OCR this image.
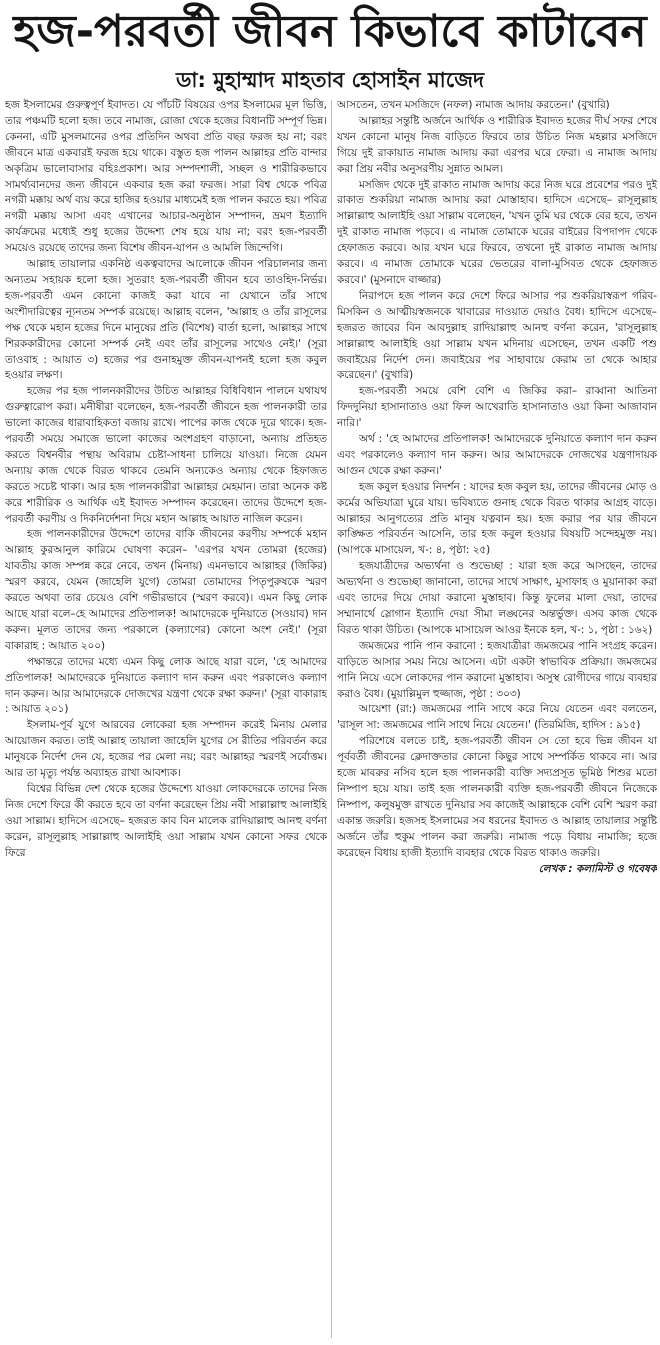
হজ-পরবর্তী জীবন কিভাবে কাটাবেন
ডা: মুহাম্মাদ মাহতাব হোসাইন মাজেদ

হজ ইসলামের গুরুত্বপূর্ণ ইবাদত। যে পাঁচটি বিষয়ের ওপর ইসলামের মূল ভিত্তি, তার পঞ্চমটি হলো হজ। তবে নামাজ, রোজা থেকে হজের বিধানটি সম্পূর্ণ ভিন্ন। কেননা, এটি মুসলমানের ওপর প্রতিদিন অথবা প্রতি বছর ফরজ হয় না; বরং জীবনে মাত্র একবারই ফরজ হয়ে থাকে। বস্তুত হজ পালন আল্লাহর প্রতি বান্দার অকৃত্রিম ভালোবাসার বহিঃপ্রকাশ। আর সম্পদশালী, সচ্ছল ও শারীরিকভাবে সামর্থ্যবানদের জন্য জীবনে একবার হজ করা ফরজ। সারা বিশ্ব থেকে পবিত্র নগরী মক্কায় অর্থ ব্যয় করে হাজির হওয়ার মাধ্যমেই হজ পালন করতে হয়। পবিত্র নগরী মক্কায় আসা এবং এখানের আচার-অনুষ্ঠান সম্পাদন, ভ্রমণ ইত্যাদি কার্যক্রমের মধ্যেই শুধু হজের উদ্দেশ্য শেষ হয়ে যায় না; বরং হজ-পরবর্তী সময়েও রয়েছে তাদের জন্য বিশেষ জীবন-যাপন ও আমলি জিন্দেগি।

আল্লাহ তায়ালার একনিষ্ঠ একত্ববাদের আলোকে জীবন পরিচালনার জন্য অন্যতম সহায়ক হলো হজ। সুতরাং হজ-পরবর্তী জীবন হবে তাওহিদ-নির্ভর। হজ-পরবর্তী এমন কোনো কাজই করা যাবে না যেখানে তাঁর সাথে অংশীদারিত্বের ন্যূনতম সম্পর্ক রয়েছে। আল্লাহ বলেন, 'আল্লাহ ও তাঁর রাসূলের পক্ষ থেকে মহান হজের দিনে মানুষের প্রতি (বিশেষ) বার্তা হলো, আল্লাহর সাথে শিরককারীদের কোনো সম্পর্ক নেই এবং তাঁর রাসূলের সাথেও নেই।' (সূরা তাওবাহ : আয়াত ৩) হজের পর গুনাহমুক্ত জীবন-যাপনই হলো হজ কবুল হওয়ার লক্ষণ।

হজের পর হজ পালনকারীদের উচিত আল্লাহর বিধিবিধান পালনে যথাযথ গুরুত্বারোপ করা। মনীষীরা বলেছেন, হজ-পরবর্তী জীবনে হজ পালনকারী তার ভালো কাজের ধারাবাহিকতা বজায় রাখে। পাপের কাজ থেকে দূরে থাকে। হজ-পরবর্তী সময়ে সমাজে ভালো কাজের অংশগ্রহণ বাড়ানো, অন্যায় প্রতিহত করতে বিশ্বনবীর পন্থায় অবিরাম চেষ্টা-সাধনা চালিয়ে যাওয়া। নিজে যেমন অন্যায় কাজ থেকে বিরত থাকবে তেমনি অন্যকেও অন্যায় থেকে হিফাজত করতে সচেষ্ট থাকা। আর হজ পালনকারীরা আল্লাহর মেহমান। তারা অনেক কষ্ট করে শারীরিক ও আর্থিক এই ইবাদত সম্পাদন করেছেন। তাদের উদ্দেশে হজ-পরবর্তী করণীয় ও দিকনির্দেশনা দিয়ে মহান আল্লাহ আয়াত নাজিল করেন।

হজ পালনকারীদের উদ্দেশে তাদের বাকি জীবনের করণীয় সম্পর্কে মহান আল্লাহ কুরআনুল কারিমে ঘোষণা করেন– 'এরপর যখন তোমরা (হজের) যাবতীয় কাজ সম্পন্ন করে নেবে, তখন (মিনায়) এমনভাবে আল্লাহর (জিকির) স্মরণ করবে, যেমন (জাহেলি যুগে) তোমরা তোমাদের পিতৃপুরুষকে স্মরণ করতে অথবা তার চেয়েও বেশি গভীরভাবে (স্মরণ করবে)। এমন কিছু লোক আছে যারা বলে–হে আমাদের প্রতিপালক! আমাদেরকে দুনিয়াতে (সওয়াব) দান করুন। মূলত তাদের জন্য পরকালে (কল্যাণের) কোনো অংশ নেই।' (সূরা বাকারাহ : আয়াত ২০০)

পক্ষান্তরে তাদের মধ্যে এমন কিছু লোক আছে যারা বলে, 'হে আমাদের প্রতিপালক! আমাদেরকে দুনিয়াতে কল্যাণ দান করুন এবং পরকালেও কল্যাণ দান করুন। আর আমাদেরকে দোজখের যন্ত্রণা থেকে রক্ষা করুন।' (সূরা বাকারাহ : আয়াত ২০১)

ইসলাম-পূর্ব যুগে আরবের লোকেরা হজ সম্পাদন করেই মিনায় মেলার আয়োজন করত। তাই আল্লাহ তায়ালা জাহেলি যুগের সে রীতির পরিবর্তন করে মানুষকে নির্দেশ দেন যে, হজের পর মেলা নয়; বরং আল্লাহর স্মরণই সর্বোত্তম। আর তা মৃত্যু পর্যন্ত অব্যাহত রাখা আবশ্যক।

বিশ্বের বিভিন্ন দেশ থেকে হজের উদ্দেশ্যে যাওয়া লোকদেরকে তাদের নিজ নিজ দেশে ফিরে কী করতে হবে তা বর্ণনা করেছেন প্রিয় নবী সাল্লাল্লাহু আলাইহি ওয়া সাল্লাম। হাদিসে এসেছে– হজরত কাব বিন মালেক রাদিয়াল্লাহু আনহু বর্ণনা করেন, রাসূলুল্লাহ সাল্লাল্লাহু আলাইহি ওয়া সাল্লাম যখন কোনো সফর থেকে ফিরে

আসতেন, তখন মসজিদে (নফল) নামাজ আদায় করতেন।' (বুখারি)

আল্লাহর সন্তুষ্টি অর্জনে আর্থিক ও শারীরিক ইবাদত হজের দীর্ঘ সফর শেষে যখন কোনো মানুষ নিজ বাড়িতে ফিরবে তার উচিত নিজ মহল্লার মসজিদে গিয়ে দুই রাকায়াত নামাজ আদায় করা এরপর ঘরে ফেরা। এ নামাজ আদায় করা প্রিয় নবীর অনুসরণীয় সুন্নাত আমল।

মসজিদ থেকে দুই রাকাত নামাজ আদায় করে নিজ ঘরে প্রবেশের পরও দুই রাকাত শুকরিয়া নামাজ আদায় করা মোস্তাহাব। হাদিসে এসেছে– রাসূলুল্লাহ সাল্লাল্লাহু আলাইহি ওয়া সাল্লাম বলেছেন, 'যখন তুমি ঘর থেকে বের হবে, তখন দুই রাকাত নামাজ পড়বে। এ নামাজ তোমাকে ঘরের বাইরের বিপদাপদ থেকে হেফাজত করবে। আর যখন ঘরে ফিরবে, তখনো দুই রাকাত নামাজ আদায় করবে। এ নামাজ তোমাকে ঘরের ভেতরের বালা-মুসিবত থেকে হেফাজত করবে।' (মুসনাদে বাজ্জার)

নিরাপদে হজ পালন করে দেশে ফিরে আসার পর শুকরিয়াস্বরূপ গরিব-মিসকিন ও আত্মীয়স্বজনকে খাবারের দাওয়াত দেয়াও বৈধ। হাদিসে এসেছে– হজরত জাবের বিন আবদুল্লাহ রাদিয়াল্লাহু আনহু বর্ণনা করেন, 'রাসূলুল্লাহ সাল্লাল্লাহু আলাইহি ওয়া সাল্লাম যখন মদিনায় এসেছেন, তখন একটি পশু জবাইয়ের নির্দেশ দেন। জবাইয়ের পর সাহাবায়ে কেরাম তা থেকে আহার করেছেন।' (বুখারি)

হজ-পরবর্তী সময়ে বেশি বেশি এ জিকির করা– রাব্বানা আতিনা ফিদদুনিয়া হাসানাতাও ওয়া ফিল আখেরাতি হাসানাতাও ওয়া কিনা আজাবান নারি।'

অর্থ : 'হে আমাদের প্রতিপালক! আমাদেরকে দুনিয়াতে কল্যাণ দান করুন এবং পরকালেও কল্যাণ দান করুন। আর আমাদেরকে দোজখের যন্ত্রণাদায়ক আগুন থেকে রক্ষা করুন।'

হজ কবুল হওয়ার নিদর্শন : যাদের হজ কবুল হয়, তাদের জীবনের মোড় ও কর্মের অভিযাত্রা ঘুরে যায়। ভবিষ্যতে গুনাহ থেকে বিরত থাকার আগ্রহ বাড়ে। আল্লাহর আনুগত্যের প্রতি মানুষ যত্নবান হয়। হজ করার পর যার জীবনে কাঙ্ক্ষিত পরিবর্তন আসেনি, তার হজ কবুল হওয়ার বিষয়টি সন্দেহমুক্ত নয়। (আপকে মাসায়েল, খ-: ৪, পৃষ্ঠা: ২৫)

হজযাত্রীদের অভ্যর্থনা ও শুভেচ্ছা : যারা হজ করে আসছেন, তাদের অভ্যর্থনা ও শুভেচ্ছা জানানো, তাদের সাথে সাক্ষাৎ, মুসাফাহ ও মুয়ানাকা করা এবং তাদের দিয়ে দোয়া করানো মুস্তাহাব। কিন্তু ফুলের মালা দেয়া, তাদের সম্মানার্থে স্লোগান ইত্যাদি দেয়া সীমা লঙ্ঘনের অন্তর্ভুক্ত। এসব কাজ থেকে বিরত থাকা উচিত। (আপকে মাসায়েল আওর ইনকে হল, খ-: ১, পৃষ্ঠা : ১৬২)

জমজমের পানি পান করানো : হজযাত্রীরা জমজমের পানি সংগ্রহ করেন। বাড়িতে আসার সময় নিয়ে আসেন। এটা একটা স্বাভাবিক প্রক্রিয়া। জমজমের পানি নিয়ে এসে লোকদের পান করানো মুস্তাহাব। অসুস্থ রোগীদের গায়ে ব্যবহার করাও বৈধ। (মুয়াল্লিমুল হুজ্জাজ, পৃষ্ঠা : ৩০৩)

আয়েশা (রা:) জমজমের পানি সাথে করে নিয়ে যেতেন এবং বলতেন, 'রাসূল সা: জমজমের পানি সাথে নিয়ে যেতেন।' (তিরমিজি, হাদিস : ৯১৫)

পরিশেষে বলতে চাই, হজ-পরবর্তী জীবন সে তো হবে ভিন্ন জীবন যা পূর্ববর্তী জীবনের ক্লেদাক্ততার কোনো কিছুর সাথে সম্পর্কিত থাকবে না। আর হজে মাবরুর নসিব হলে হজ পালনকারী ব্যক্তি সদ্যপ্রসূত ভূমিষ্ঠ শিশুর মতো নিষ্পাপ হয়ে যায়। তাই হজ পালনকারী ব্যক্তি হজ-পরবর্তী জীবনে নিজেকে নিষ্পাপ, কলুষমুক্ত রাখতে দুনিয়ার সব কাজেই আল্লাহকে বেশি বেশি স্মরণ করা একান্ত জরুরি। হজসহ ইসলামের সব ধরনের ইবাদত ও আল্লাহ তায়ালার সন্তুষ্টি অর্জনে তাঁর হুকুম পালন করা জরুরি। নামাজ পড়ে বিধায় নামাজি; হজে করেছেন বিধায় হাজী ইত্যাদি ব্যবহার থেকে বিরত থাকাও জরুরি।

লেখক : কলামিস্ট ও গবেষক
